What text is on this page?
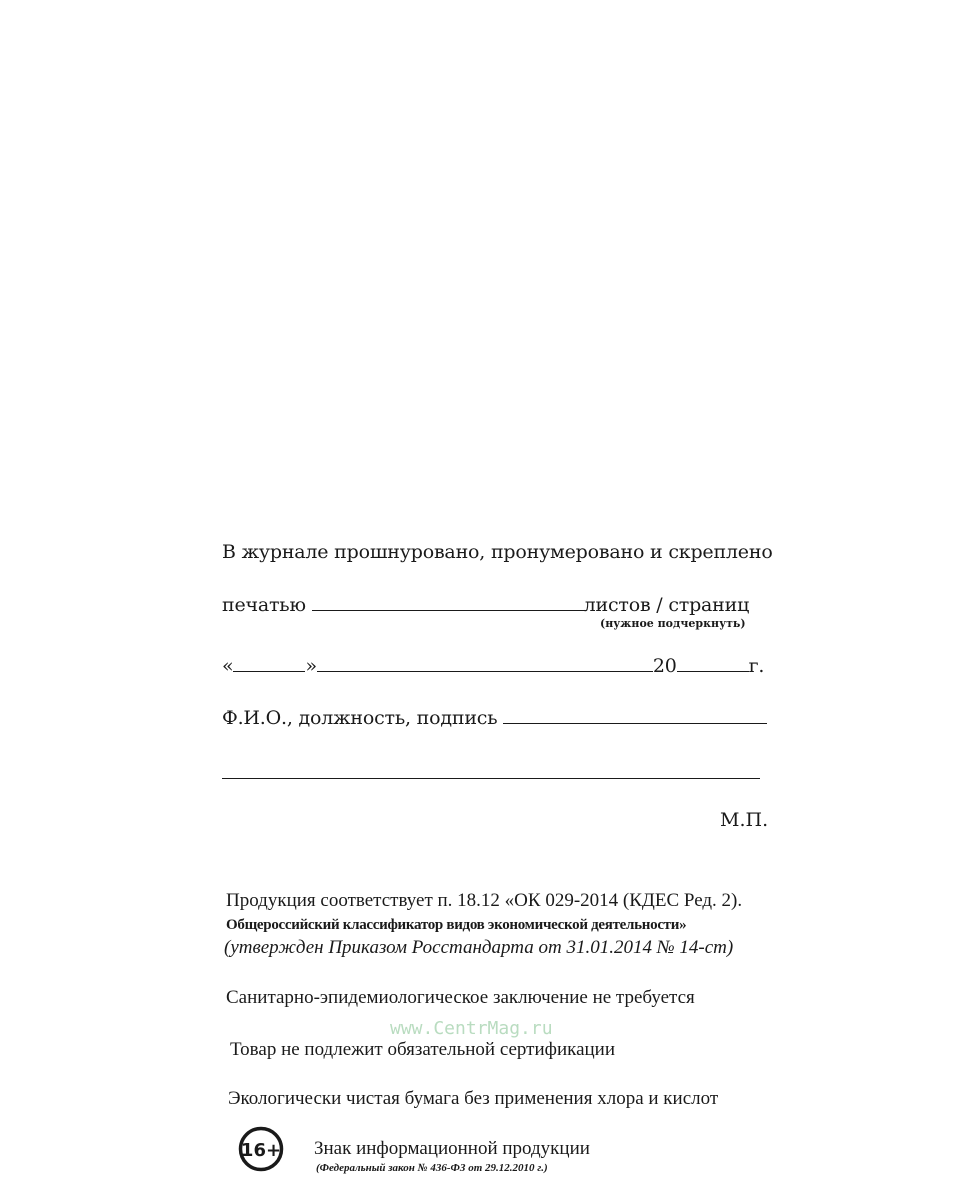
В журнале прошнуровано, пронумеровано и скреплено
печатью	листов / страниц
(нужное подчеркнуть)
«	»	20	г.
Ф.И.О., должность, подпись
М.П.
Продукция соответствует п. 18.12 «ОК 029-2014 (КДЕС Ред. 2).
Общероссийский классификатор видов экономической деятельности»
(утвержден Приказом Росстандарта от 31.01.2014 № 14-ст)
Санитарно-эпидемиологическое заключение не требуется
www.CentrMag.ru
Товар не подлежит обязательной сертификации
Экологически чистая бумага без применения хлора и кислот
16+ Знак информационной продукции
(Федеральный закон № 436-ФЗ от 29.12.2010 г.)
